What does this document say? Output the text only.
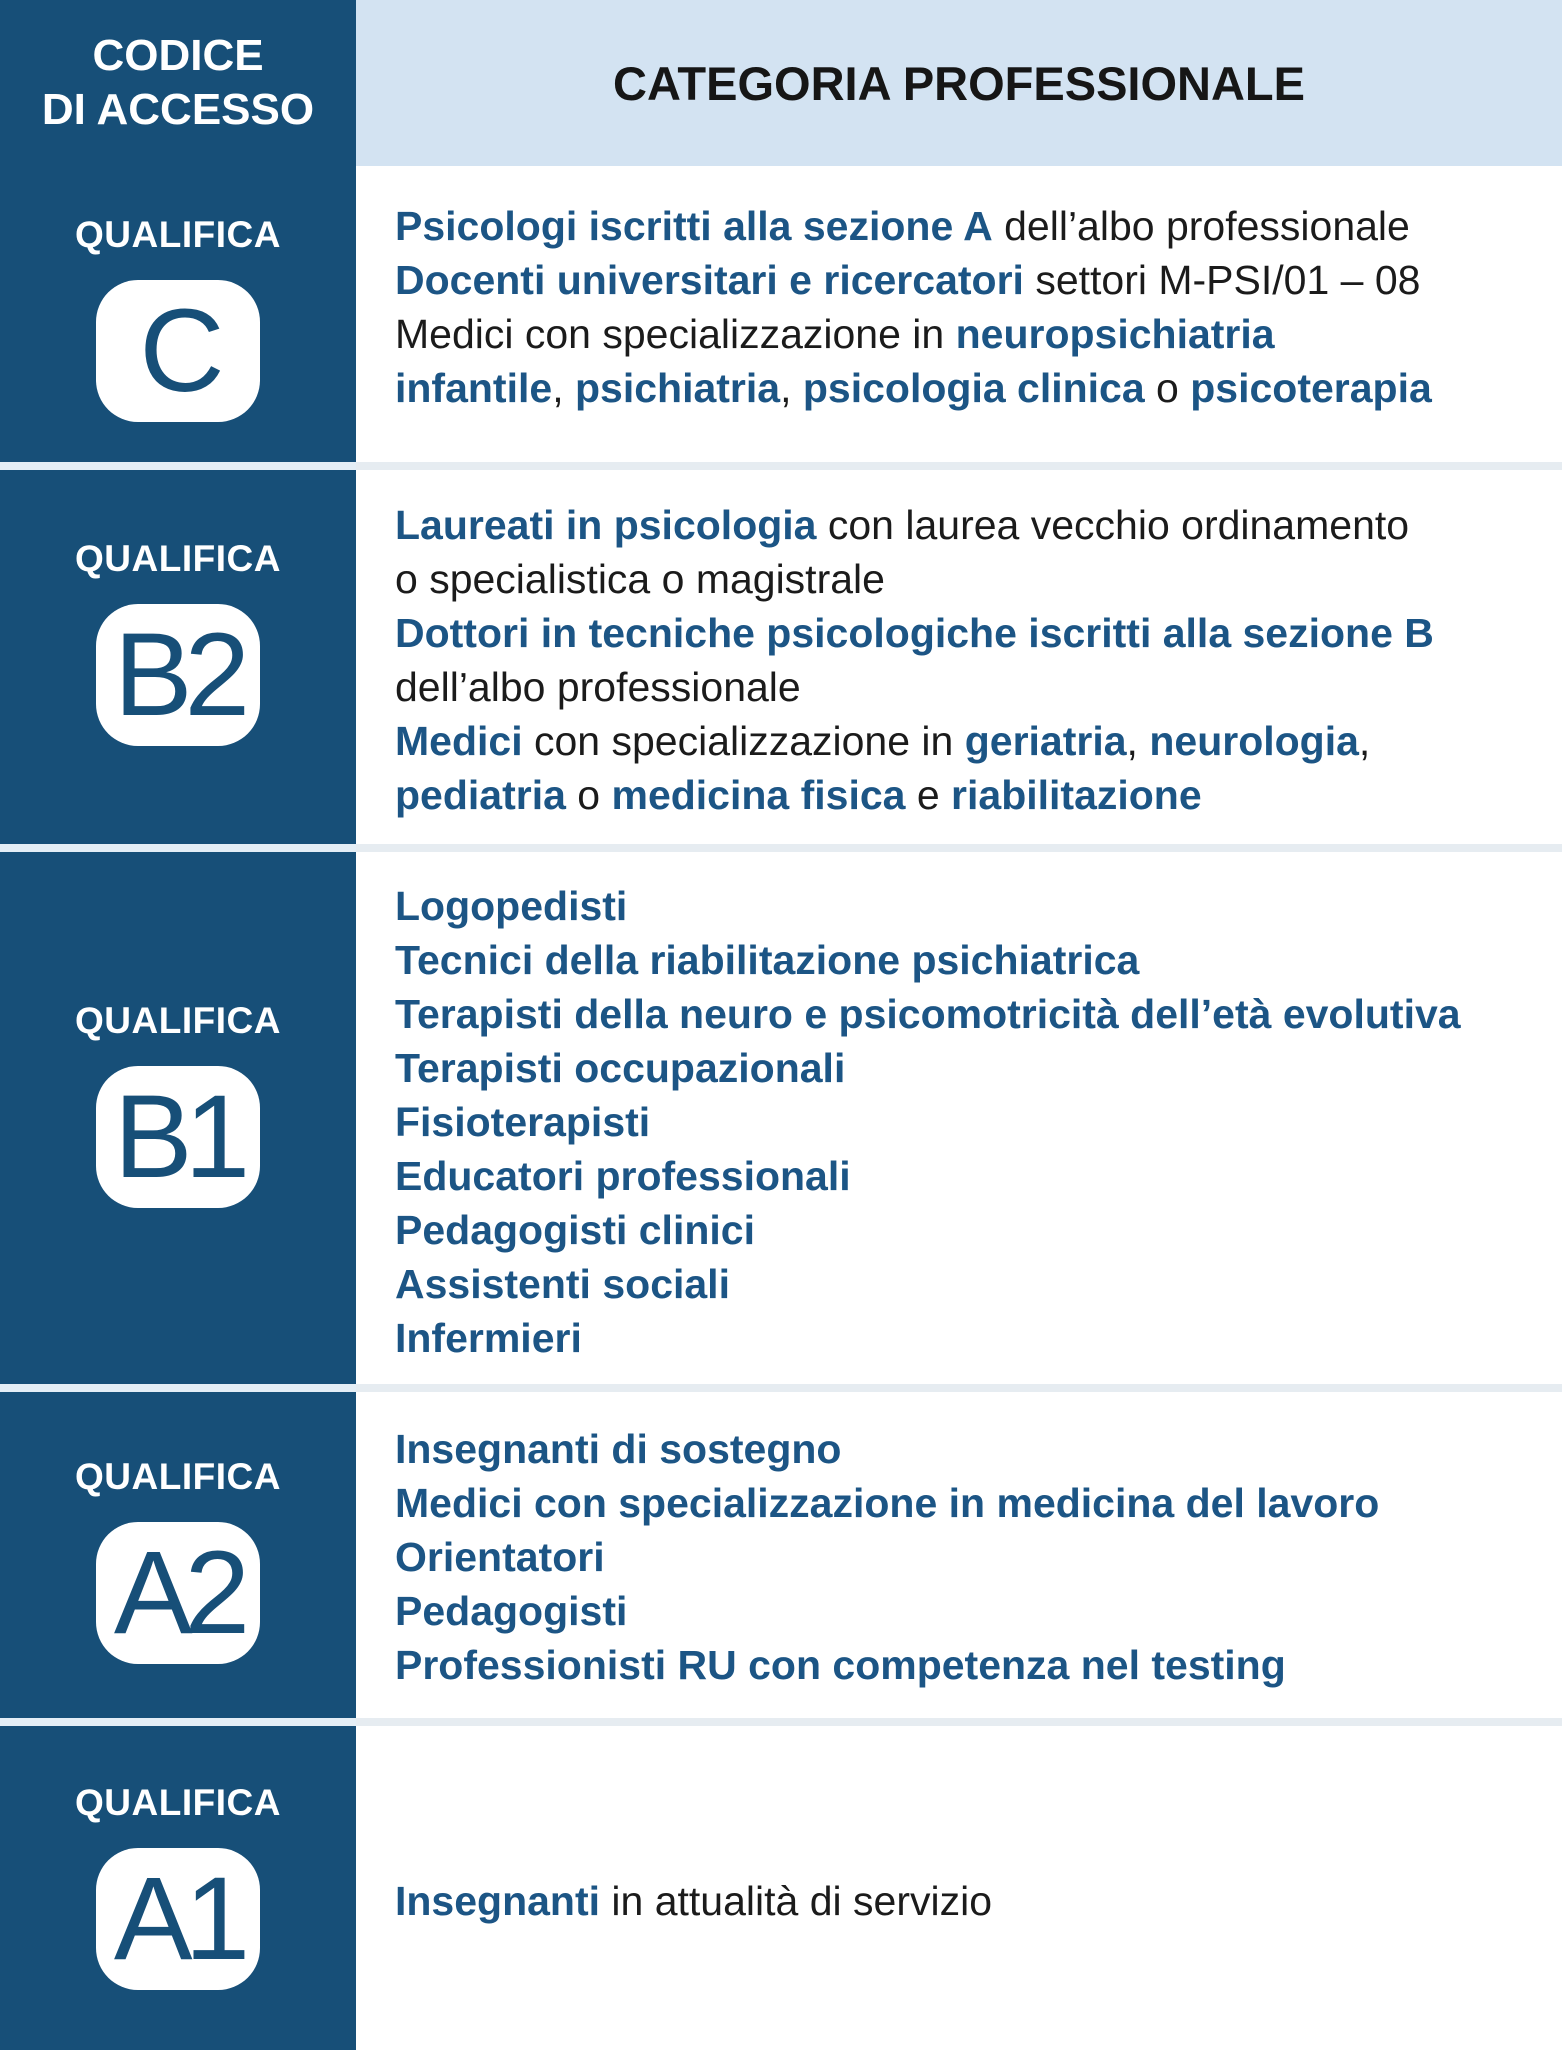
CODICE
DI ACCESSO	CATEGORIA PROFESSIONALE
QUALIFICA
C
Psicologi iscritti alla sezione A dell’albo professionale
Docenti universitari e ricercatori settori M-PSI/01 – 08
Medici con specializzazione in neuropsichiatria
infantile, psichiatria, psicologia clinica o psicoterapia
QUALIFICA
B2
Laureati in psicologia con laurea vecchio ordinamento
o specialistica o magistrale
Dottori in tecniche psicologiche iscritti alla sezione B
dell’albo professionale
Medici con specializzazione in geriatria, neurologia,
pediatria o medicina fisica e riabilitazione
QUALIFICA
B1
Logopedisti
Tecnici della riabilitazione psichiatrica
Terapisti della neuro e psicomotricità dell’età evolutiva
Terapisti occupazionali
Fisioterapisti
Educatori professionali
Pedagogisti clinici
Assistenti sociali
Infermieri
QUALIFICA
A2
Insegnanti di sostegno
Medici con specializzazione in medicina del lavoro
Orientatori
Pedagogisti
Professionisti RU con competenza nel testing
QUALIFICA
A1	Insegnanti in attualità di servizio
